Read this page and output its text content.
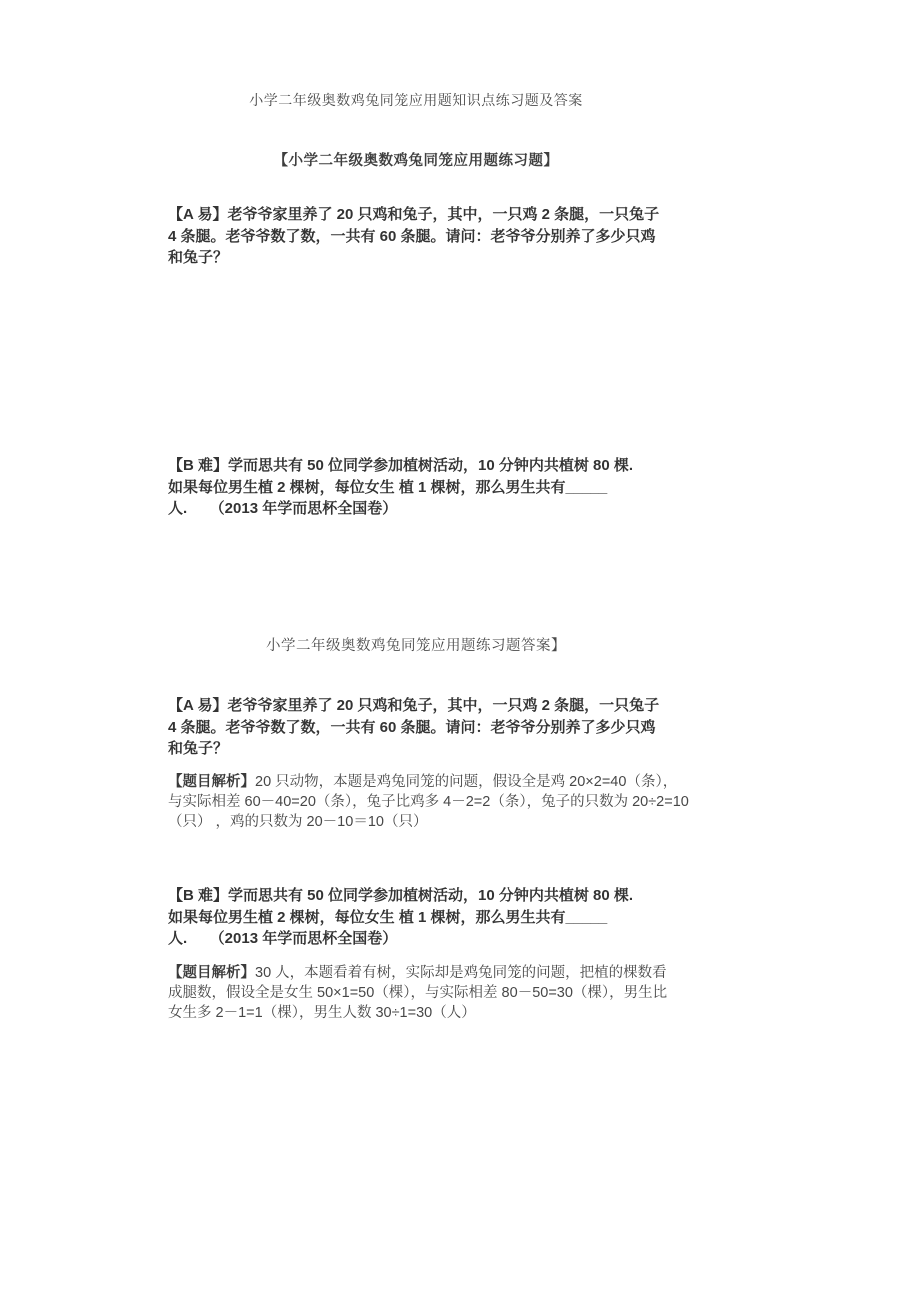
小学二年级奥数鸡兔同笼应用题知识点练习题及答案
【小学二年级奥数鸡兔同笼应用题练习题】
【A 易】老爷爷家里养了 20 只鸡和兔子，其中，一只鸡 2 条腿，一只兔子
4 条腿。老爷爷数了数，一共有 60 条腿。请问：老爷爷分别养了多少只鸡
和兔子？
【B 难】学而思共有 50 位同学参加植树活动，10 分钟内共植树 80 棵.
如果每位男生植 2 棵树，每位女生 植 1 棵树，那么男生共有_____
人.　　（2013 年学而思杯全国卷）
小学二年级奥数鸡兔同笼应用题练习题答案】
【A 易】老爷爷家里养了 20 只鸡和兔子，其中，一只鸡 2 条腿，一只兔子
4 条腿。老爷爷数了数，一共有 60 条腿。请问：老爷爷分别养了多少只鸡
和兔子？
【题目解析】20 只动物，本题是鸡兔同笼的问题，假设全是鸡 20×2=40（条），
与实际相差 60－40=20（条），兔子比鸡多 4－2=2（条），兔子的只数为 20÷2=10
（只） ，鸡的只数为 20－10＝10（只）
【B 难】学而思共有 50 位同学参加植树活动，10 分钟内共植树 80 棵.
如果每位男生植 2 棵树，每位女生 植 1 棵树，那么男生共有_____
人.　　（2013 年学而思杯全国卷）
【题目解析】30 人，本题看着有树，实际却是鸡兔同笼的问题，把植的棵数看
成腿数，假设全是女生 50×1=50（棵），与实际相差 80－50=30（棵），男生比
女生多 2－1=1（棵），男生人数 30÷1=30（人）
